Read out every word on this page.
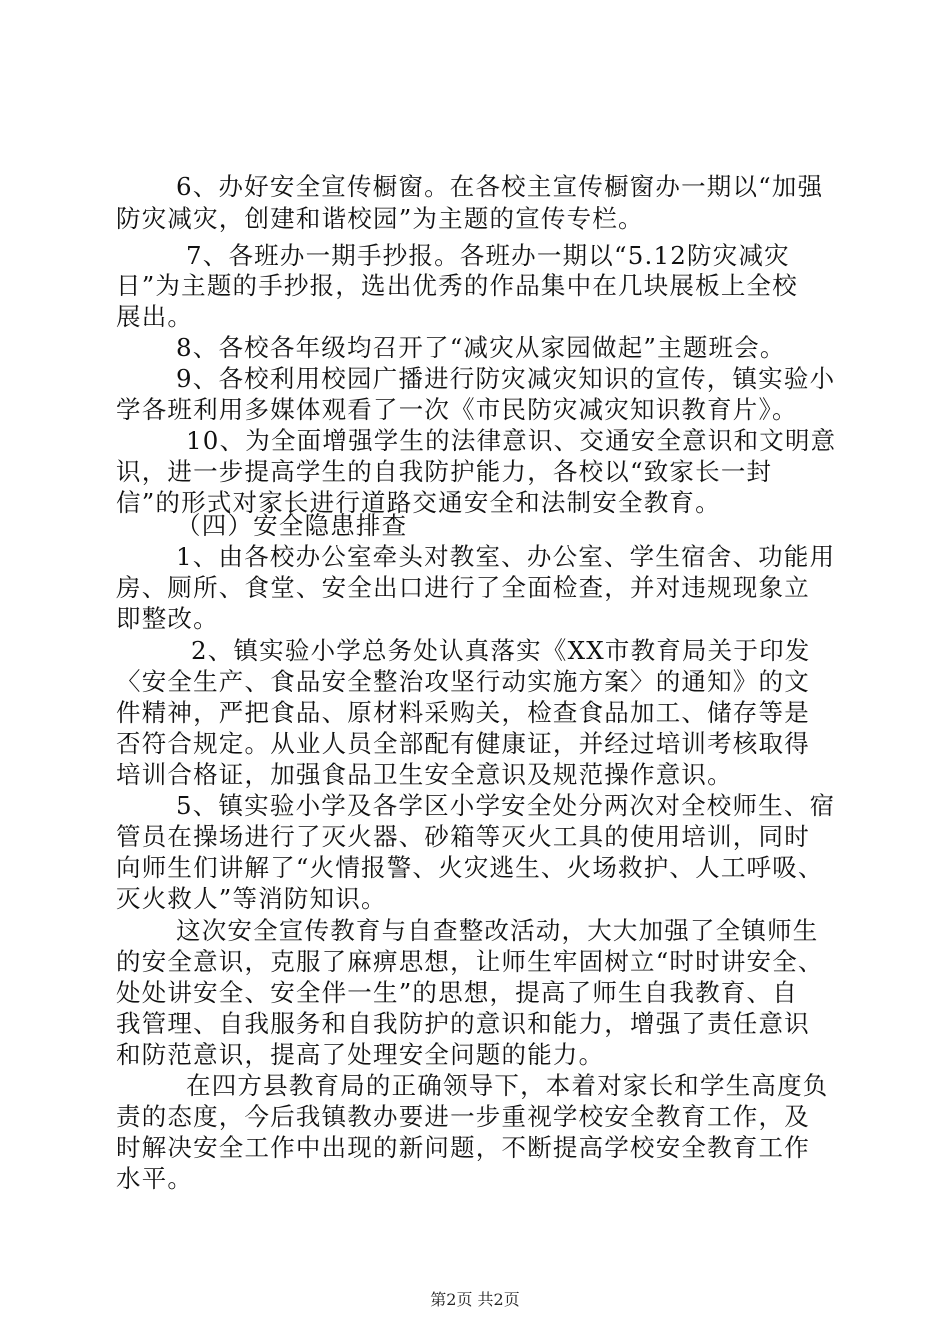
6、办好安全宣传橱窗。在各校主宣传橱窗办一期以“加强

防灾减灾，创建和谐校园”为主题的宣传专栏。

7、各班办一期手抄报。各班办一期以“5.12防灾减灾

日”为主题的手抄报，选出优秀的作品集中在几块展板上全校

展出。

8、各校各年级均召开了“减灾从家园做起”主题班会。

9、各校利用校园广播进行防灾减灾知识的宣传，镇实验小

学各班利用多媒体观看了一次《市民防灾减灾知识教育片》。

10、为全面增强学生的法律意识、交通安全意识和文明意

识，进一步提高学生的自我防护能力，各校以“致家长一封

信”的形式对家长进行道路交通安全和法制安全教育。

（四）安全隐患排查

1、由各校办公室牵头对教室、办公室、学生宿舍、功能用

房、厕所、食堂、安全出口进行了全面检查，并对违规现象立

即整改。

2、镇实验小学总务处认真落实《XX市教育局关于印发

〈安全生产、食品安全整治攻坚行动实施方案〉的通知》的文

件精神，严把食品、原材料采购关，检查食品加工、储存等是

否符合规定。从业人员全部配有健康证，并经过培训考核取得

培训合格证，加强食品卫生安全意识及规范操作意识。

5、镇实验小学及各学区小学安全处分两次对全校师生、宿

管员在操场进行了灭火器、砂箱等灭火工具的使用培训，同时

向师生们讲解了“火情报警、火灾逃生、火场救护、人工呼吸、

灭火救人”等消防知识。

这次安全宣传教育与自查整改活动，大大加强了全镇师生

的安全意识，克服了麻痹思想，让师生牢固树立“时时讲安全、

处处讲安全、安全伴一生”的思想，提高了师生自我教育、自

我管理、自我服务和自我防护的意识和能力，增强了责任意识

和防范意识，提高了处理安全问题的能力。

在四方县教育局的正确领导下，本着对家长和学生高度负

责的态度，今后我镇教办要进一步重视学校安全教育工作，及

时解决安全工作中出现的新问题，不断提高学校安全教育工作

水平。

第2页 共2页
